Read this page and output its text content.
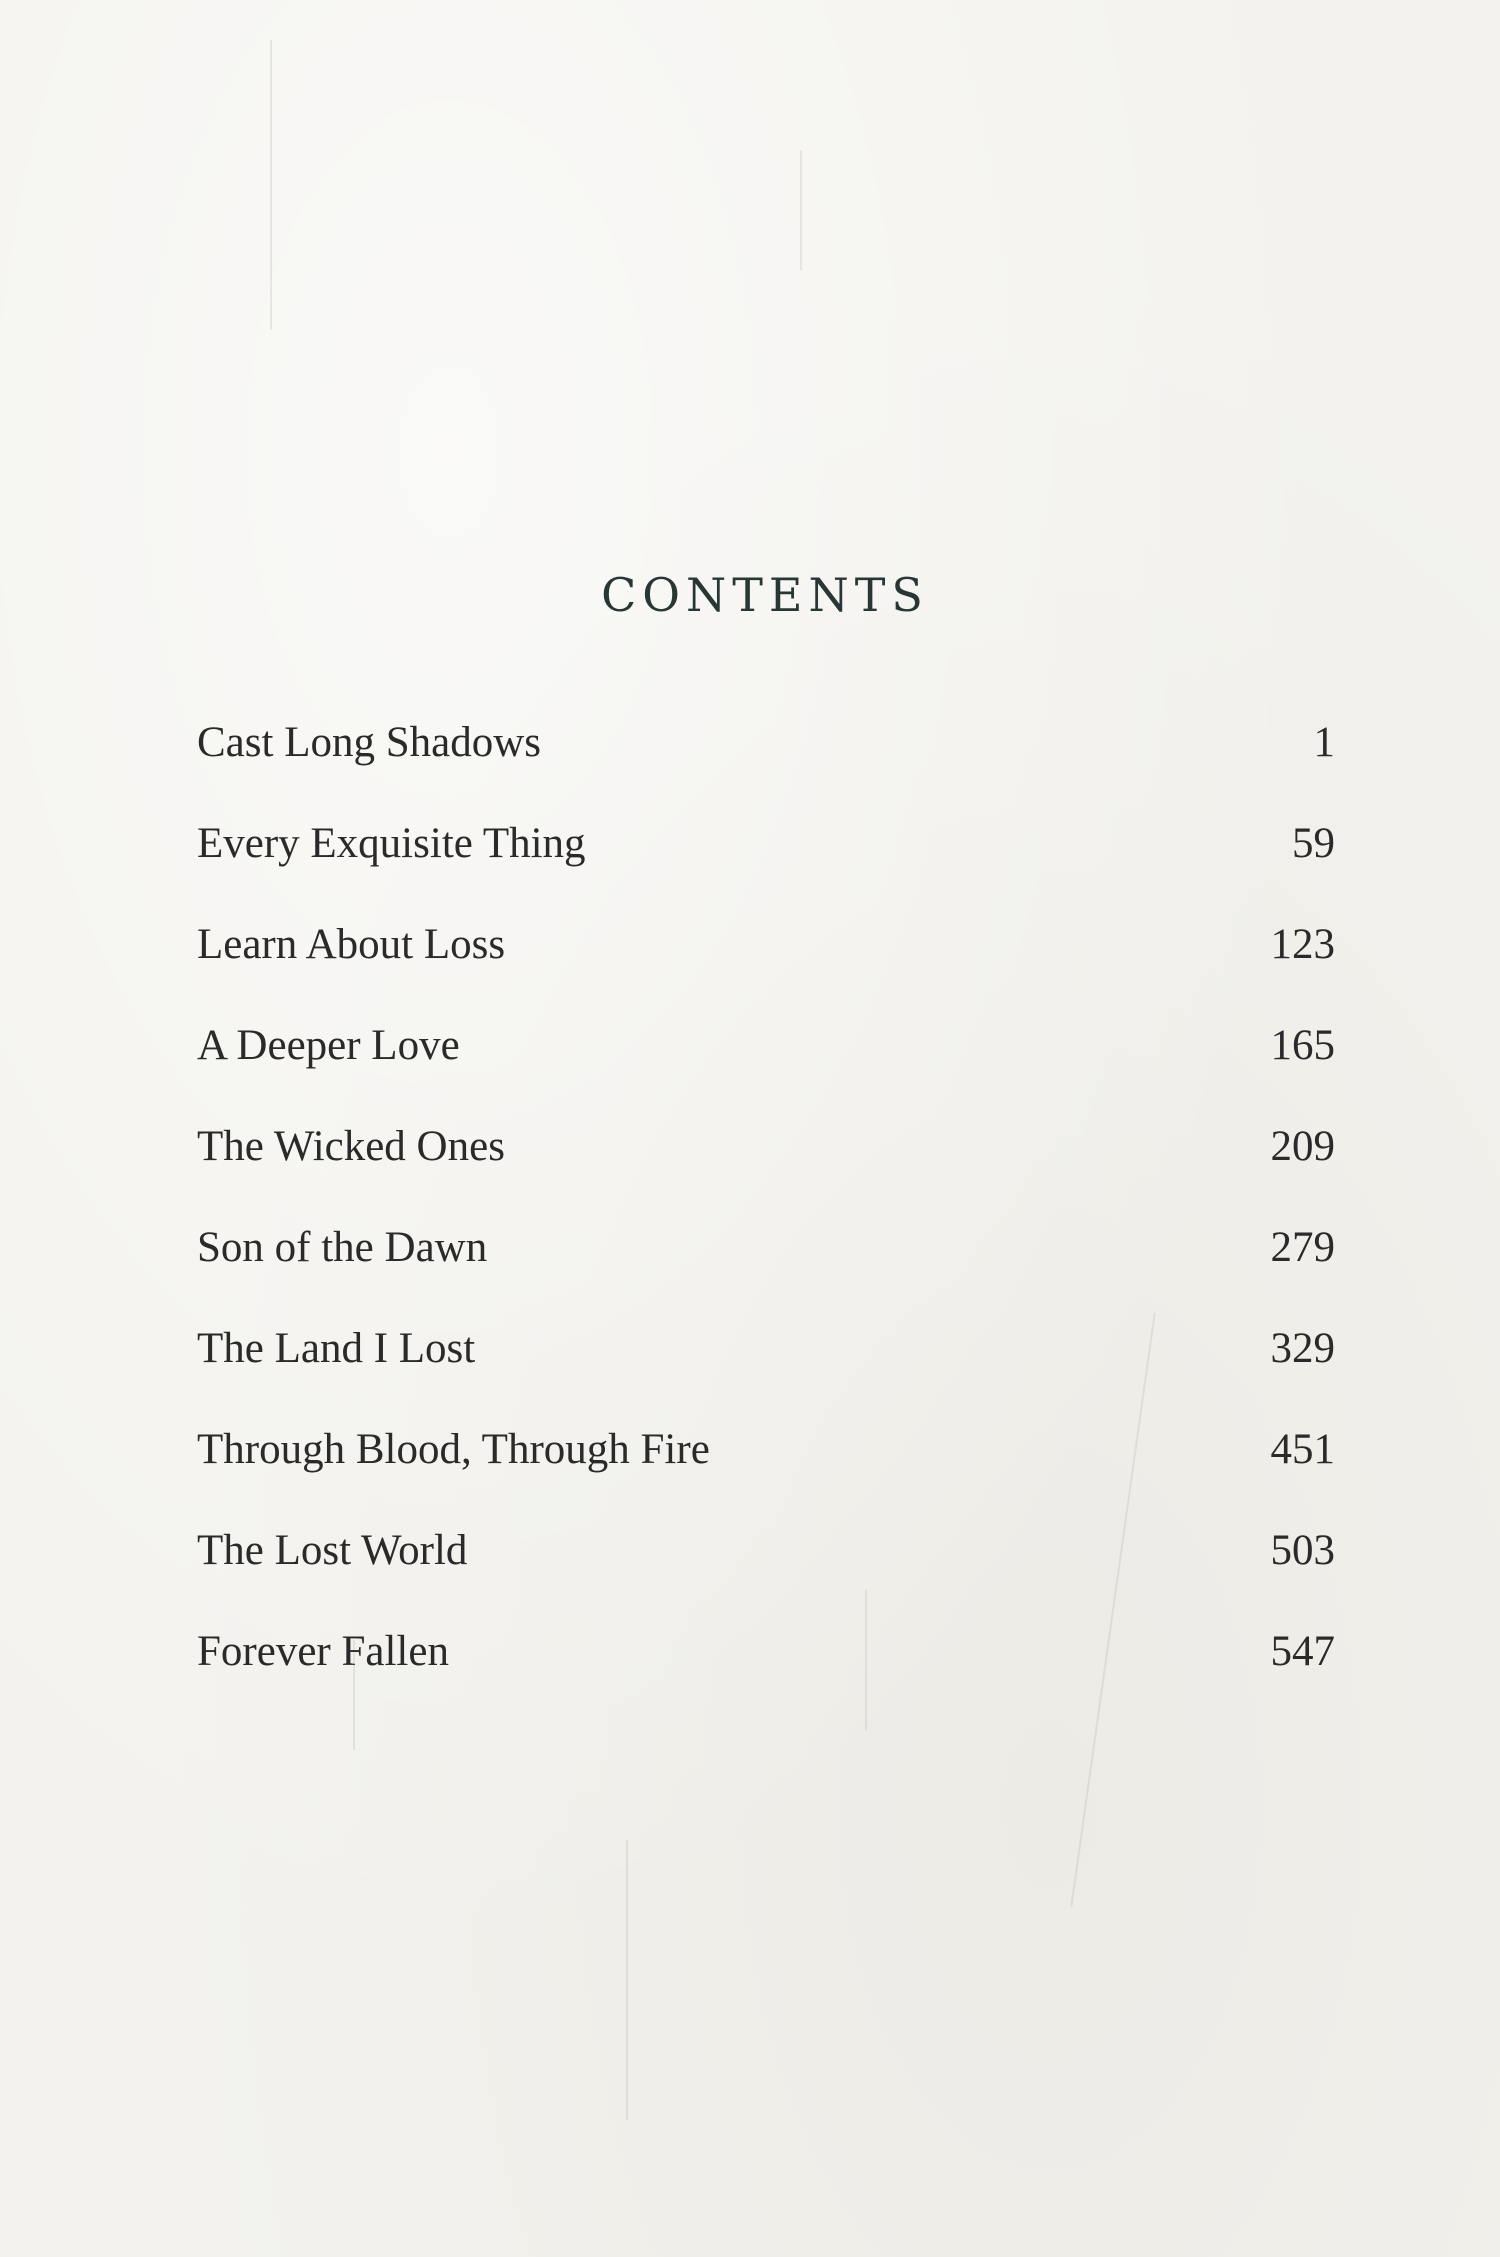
CONTENTS
Cast Long Shadows	1
Every Exquisite Thing	59
Learn About Loss	123
A Deeper Love	165
The Wicked Ones	209
Son of the Dawn	279
The Land I Lost	329
Through Blood, Through Fire	451
The Lost World	503
Forever Fallen	547
